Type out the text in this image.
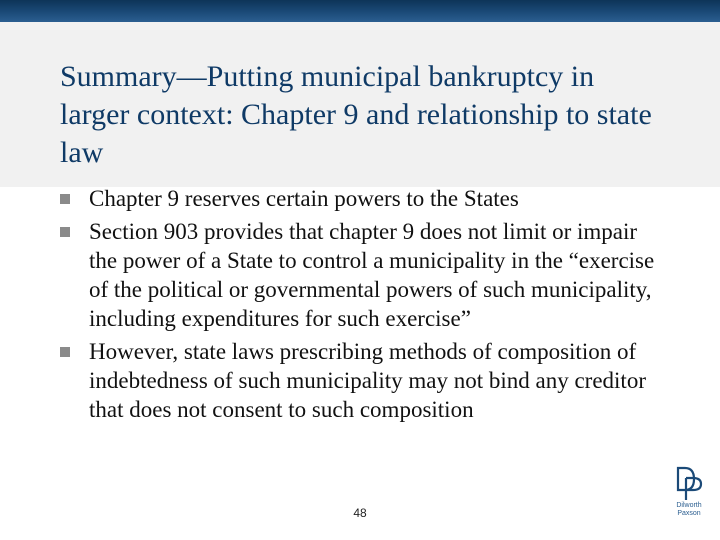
Summary—Putting municipal bankruptcy in larger context: Chapter 9 and relationship to state law
Chapter 9 reserves certain powers to the States
Section 903 provides that chapter 9 does not limit or impair the power of a State to control a municipality in the “exercise of the political or governmental powers of such municipality, including expenditures for such exercise”
However, state laws prescribing methods of composition of indebtedness of such municipality may not bind any creditor that does not consent to such composition
48
Dilworth
Paxson
